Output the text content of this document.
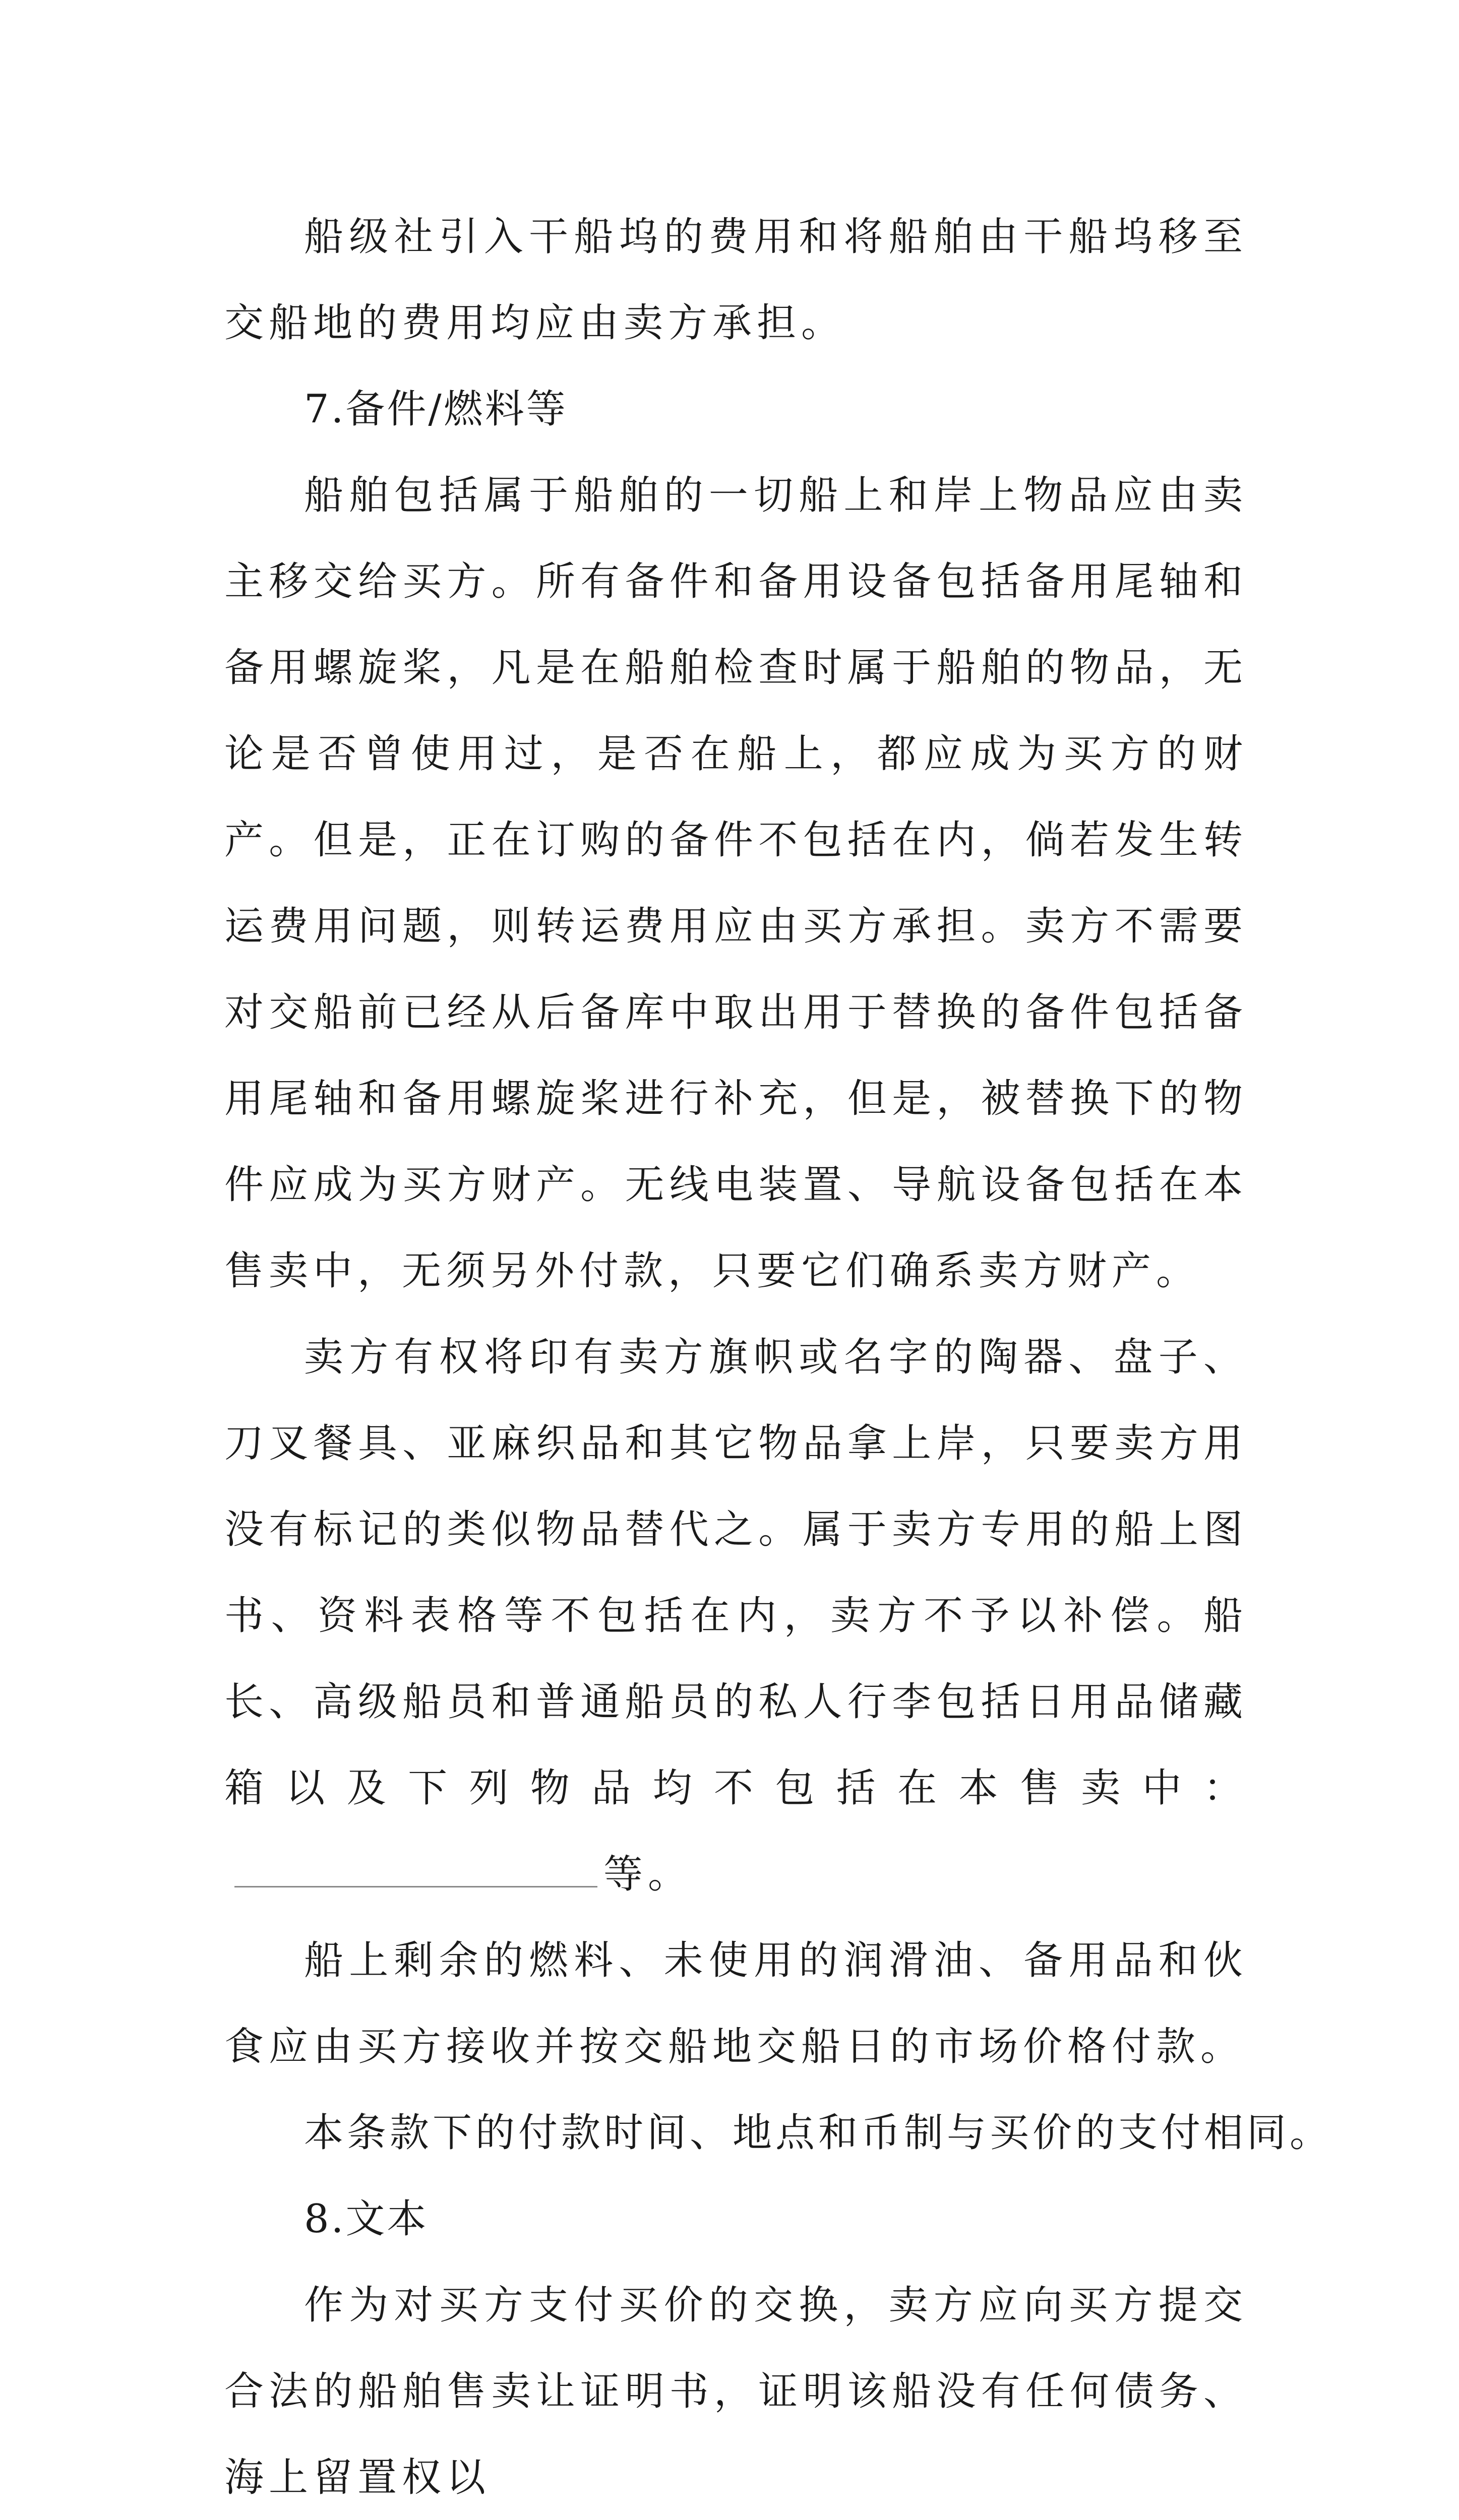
船级社引入干船坞的费用和将船舶由干船坞移至交船地的费用均应由卖方承担。

7.备件/燃料等

船舶包括属于船舶的一切船上和岸上物品应由卖主移交给买方。所有备件和备用设备包括备用尾轴和备用螺旋桨，凡是在船舶检查时属于船舶的物品，无论是否曾使用过，是否在船上，都应成为买方的财产。但是，正在订购的备件不包括在内，倘若发生转运费用问题，则转运费用应由买方承担。卖方不需要对交船前已经从后备库中取出用于替换的备件包括备用尾轴和备用螺旋桨进行补充，但是，被替换下的物件应成为买方财产。无线电装置、导航设备包括在本售卖中，无须另外付款，只要它们确系卖方财产。

卖方有权将印有卖方旗帜或名字的陶器、盘子、刀叉餐具、亚麻织品和其它物品拿上岸，只要卖方用没有标记的类似物品替代之。属于卖方专用的船上图书、资料表格等不包括在内，卖方不予以补偿。船长、高级船员和普通船员的私人行李包括日用品储藏箱以及下列物品均不包括在本售卖中：等。

船上剩余的燃料、未使用的润滑油、备用品和伙食应由买方接收并按交船地交船日的市场价格付款。

本条款下的付款时间、地点和币制与买价的支付相同。

8.文本

作为对买方支付买价的交换，卖方应向买方提交合法的船舶售卖让证明书，证明该船没有任何债务、海上留置权以
